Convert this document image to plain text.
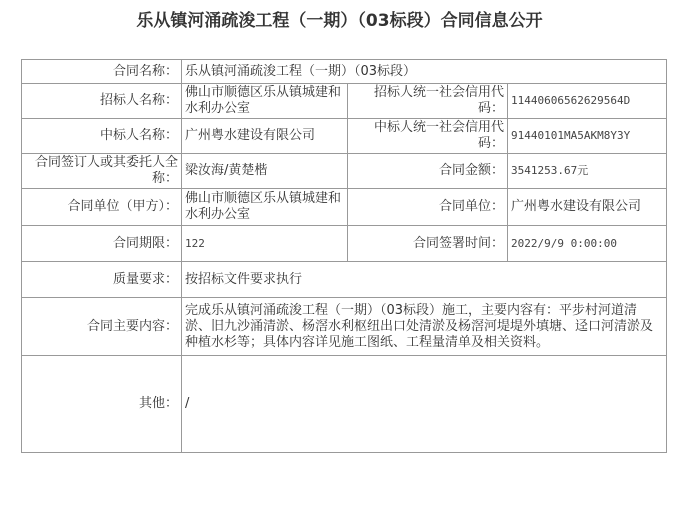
乐从镇河涌疏浚工程（一期）（03标段）合同信息公开
合同名称：	乐从镇河涌疏浚工程（一期）（03标段）		
招标人名称：	佛山市顺德区乐从镇城建和水利办公室	招标人统一社会信用代码：	11440606562629564D
中标人名称：	广州粤水建设有限公司	中标人统一社会信用代码：	91440101MA5AKM8Y3Y
合同签订人或其委托人全称：	梁汝海/黄楚楷	合同金额：	3541253.67元
合同单位（甲方）：	佛山市顺德区乐从镇城建和水利办公室	合同单位：	广州粤水建设有限公司
合同期限：	122	合同签署时间：	2022/9/9 0:00:00
质量要求：	按招标文件要求执行		
合同主要内容：	完成乐从镇河涌疏浚工程（一期）（03标段）施工，主要内容有：平步村河道清淤、旧九沙涌清淤、杨滘水利枢纽出口处清淤及杨滘河堤堤外填塘、迳口河清淤及种植水杉等；具体内容详见施工图纸、工程量清单及相关资料。		
其他：	/		
